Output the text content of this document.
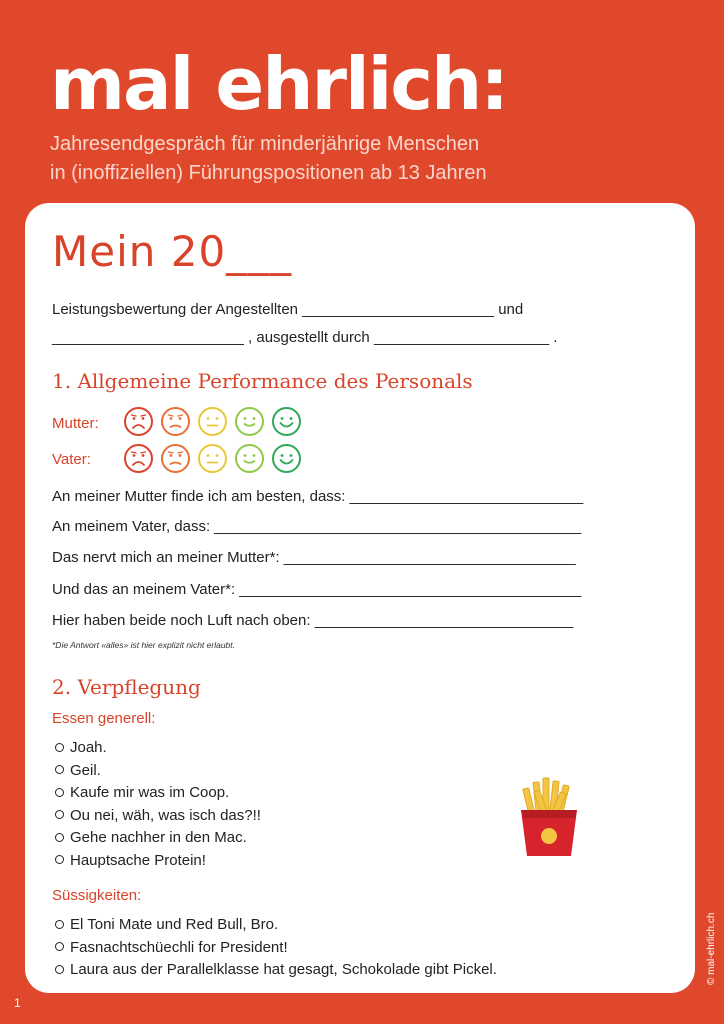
mal ehrlich:
Jahresendgespräch für minderjährige Menschen
in (inoffiziellen) Führungspositionen ab 13 Jahren
Mein 20___
Leistungsbewertung der Angestellten _______________________ und
_______________________ , ausgestellt durch _____________________ .
1. Allgemeine Performance des Personals
Mutter:
Vater:
An meiner Mutter finde ich am besten, dass: ____________________________
An meinem Vater, dass: ____________________________________________
Das nervt mich an meiner Mutter*: ___________________________________
Und das an meinem Vater*: _________________________________________
Hier haben beide noch Luft nach oben: _______________________________
*Die Antwort «alles» ist hier explizit nicht erlaubt.
2. Verpflegung
Essen generell:
Joah.
Geil.
Kaufe mir was im Coop.
Ou nei, wäh, was isch das?!!
Gehe nachher in den Mac.
Hauptsache Protein!
Süssigkeiten:
El Toni Mate und Red Bull, Bro.
Fasnachtschüechli for President!
Laura aus der Parallelklasse hat gesagt, Schokolade gibt Pickel.
1
© mal-ehrlich.ch
